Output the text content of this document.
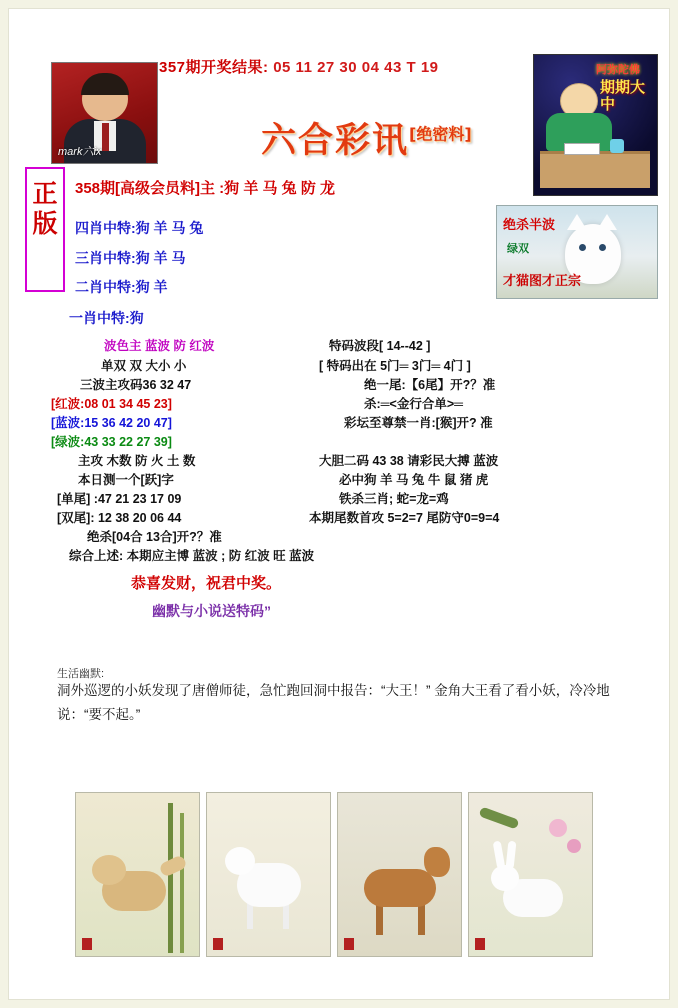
357期开奖结果: 05 11 27 30 04 43 T 19
mark六ix	六合彩讯[绝密料]
阿弥陀佛
期期大中
绝杀半波
绿双
才猫图才正宗
正版
358期[高级会员料]主 :狗 羊 马 兔 防 龙
四肖中特:狗 羊 马 兔
三肖中特:狗 羊 马
二肖中特:狗 羊
一肖中特:狗
波色主 蓝波 防 红波
单双 双 大小 小
三波主攻码36 32 47
[红波:08 01 34 45 23]
[蓝波:15 36 42 20 47]
[绿波:43 33 22 27 39]
主攻 木数 防 火 土 数
本日测一个[跃]字
[单尾] :47 21 23 17 09
[双尾]: 12 38 20 06 44
绝杀[04合 13合]开?？准
综合上述: 本期应主博 蓝波 ; 防 红波 旺 蓝波
特码波段[ 14--42 ]
[ 特码出在 5门═ 3门═ 4门 ]
绝一尾:【6尾】开?？准
杀:═<金行合单>═
彩坛至尊禁一肖:[猴]开? 准
大胆二码 43 38 请彩民大搏 蓝波
必中狗 羊 马 兔 牛 鼠 猪 虎
铁杀三肖; 蛇=龙=鸡
本期尾数首攻 5=2=7 尾防守0=9=4
恭喜发财，祝君中奖。
幽默与小说送特码”
生活幽默:
洞外巡逻的小妖发现了唐僧师徒，急忙跑回洞中报告：“大王！” 金角大王看了看小妖，冷冷地说：“要不起。”
